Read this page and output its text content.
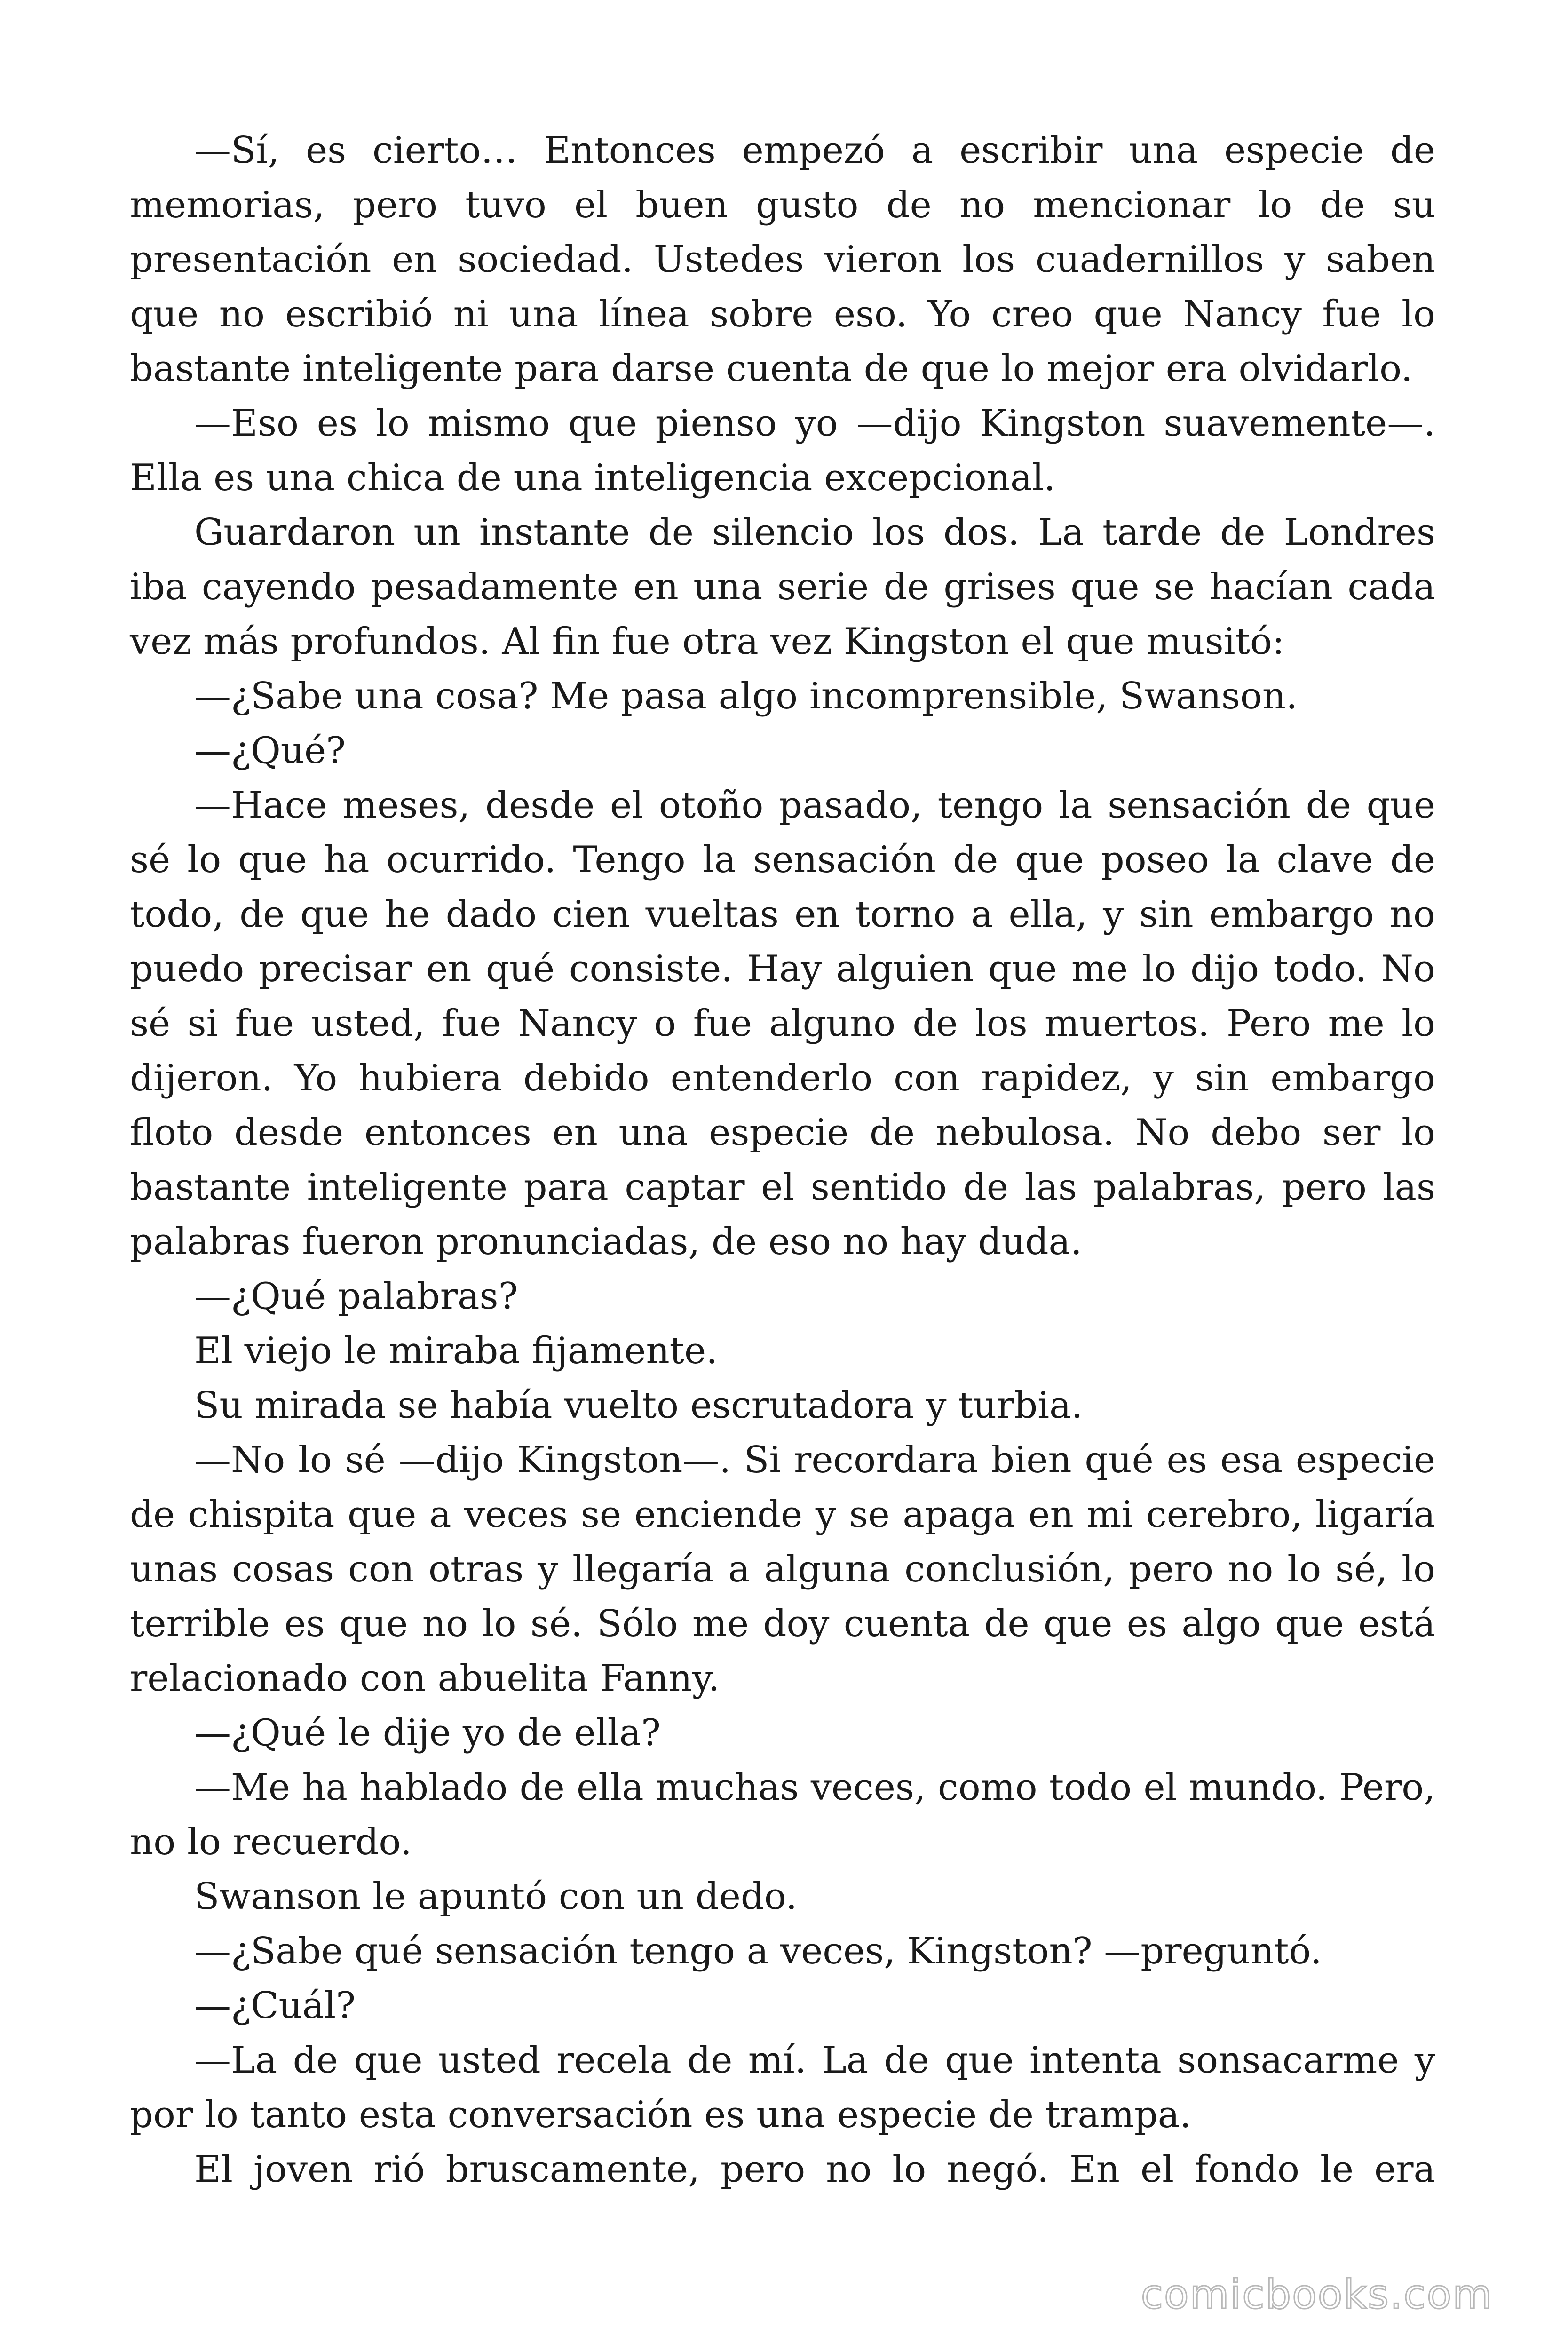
—Sí, es cierto… Entonces empezó a escribir una especie de memorias, pero tuvo el buen gusto de no mencionar lo de su presentación en sociedad. Ustedes vieron los cuadernillos y saben que no escribió ni una línea sobre eso. Yo creo que Nancy fue lo bastante inteligente para darse cuenta de que lo mejor era olvidarlo.

—Eso es lo mismo que pienso yo —dijo Kingston suavemente—. Ella es una chica de una inteligencia excepcional.

Guardaron un instante de silencio los dos. La tarde de Londres iba cayendo pesadamente en una serie de grises que se hacían cada vez más profundos. Al fin fue otra vez Kingston el que musitó:

—¿Sabe una cosa? Me pasa algo incomprensible, Swanson.

—¿Qué?

—Hace meses, desde el otoño pasado, tengo la sensación de que sé lo que ha ocurrido. Tengo la sensación de que poseo la clave de todo, de que he dado cien vueltas en torno a ella, y sin embargo no puedo precisar en qué consiste. Hay alguien que me lo dijo todo. No sé si fue usted, fue Nancy o fue alguno de los muertos. Pero me lo dijeron. Yo hubiera debido entenderlo con rapidez, y sin embargo floto desde entonces en una especie de nebulosa. No debo ser lo bastante inteligente para captar el sentido de las palabras, pero las palabras fueron pronunciadas, de eso no hay duda.

—¿Qué palabras?

El viejo le miraba fijamente.

Su mirada se había vuelto escrutadora y turbia.

—No lo sé —dijo Kingston—. Si recordara bien qué es esa especie de chispita que a veces se enciende y se apaga en mi cerebro, ligaría unas cosas con otras y llegaría a alguna conclusión, pero no lo sé, lo terrible es que no lo sé. Sólo me doy cuenta de que es algo que está relacionado con abuelita Fanny.

—¿Qué le dije yo de ella?

—Me ha hablado de ella muchas veces, como todo el mundo. Pero, no lo recuerdo.

Swanson le apuntó con un dedo.

—¿Sabe qué sensación tengo a veces, Kingston? —preguntó.

—¿Cuál?

—La de que usted recela de mí. La de que intenta sonsacarme y por lo tanto esta conversación es una especie de trampa.

El joven rió bruscamente, pero no lo negó. En el fondo le era

comicbooks.com
